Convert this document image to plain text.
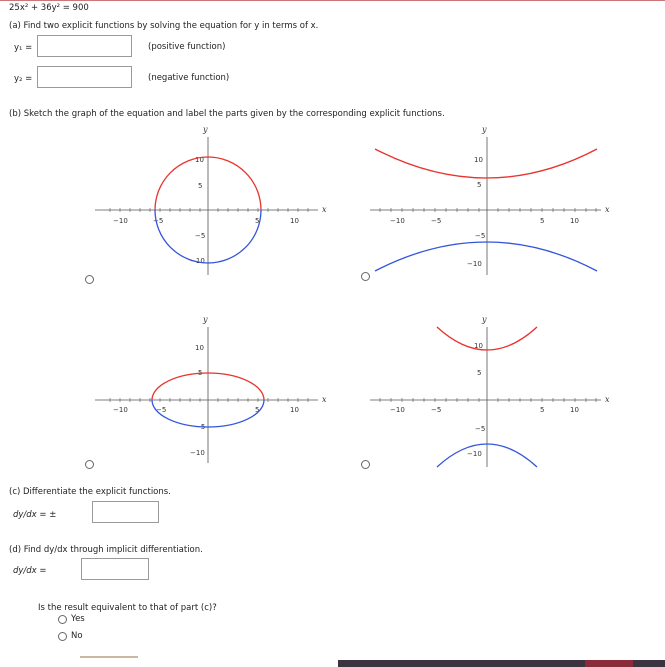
25x² + 36y² = 900
(a) Find two explicit functions by solving the equation for y in terms of x.
y₁ =	(positive function)
y₂ =	(negative function)
(b) Sketch the graph of the equation and label the parts given by the corresponding explicit functions.
y
x
−10	−5	5	10
10
5
−5
−10
y
x
−10	−5	5	10
10
5
−5
−10
y
x
−10	−5	5	10
10
5
−5
−10
y
x
−10	−5	5	10
10
5
−5
−10
(c) Differentiate the explicit functions.
dy/dx = ±
(d) Find dy/dx through implicit differentiation.
dy/dx =
Is the result equivalent to that of part (c)?
Yes
No
